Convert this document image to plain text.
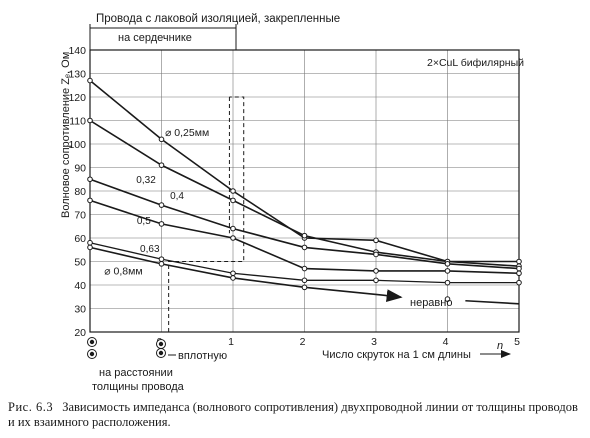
20
30
40
50
60
70
80
90
100
110
120
130
140
1	2	3	4	5
⌀ 0,25мм
0,32
0,4
0,5
0,63
⌀ 0,8мм
Провода с лаковой изоляцией, закрепленные
на сердечнике
2×CuL бифилярный
Волновое сопротивление Zₑ, Ом
Число скруток на 1 см длины
n
неравно
вплотную
на расстоянии
толщины провода
Рис. 6.3 Зависимость импеданса (волнового сопротивления) двухпроводной линии от толщины проводов и их взаимного расположения.
